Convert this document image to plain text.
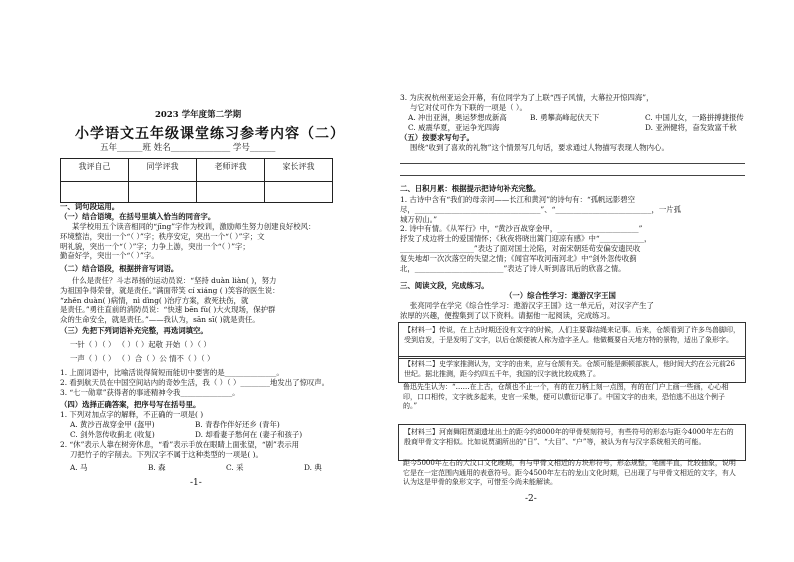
2023 学年度第二学期
小学语文五年级课堂练习参考内容（二）
五年______班 姓名______________ 学号______
我评自己	同学评我	老师评我	家长评我

一、词句段运用。
（一）结合语境，在括号里填入恰当的同音字。
某学校用五个读音相同的“jīng”字作为校训，激励师生努力创建良好校风：
环境整洁，突出一个“（ ）”字；秩序安定，突出一个“（ ）”字；文
明礼貌，突出一个“（ ）”字；力争上游，突出一个“（ ）”字；
勤奋好学，突出一个“（ ）”字。
（二）结合语段，根据拼音写词语。
什么是责任？斗志昂扬的运动员说：“坚持 duàn liàn( )，努力
为祖国争得荣誉，就是责任。”满面带笑 cí xiáng ( )笑容的医生说：
“zhěn duàn( )病情，nì dìng( )治疗方案，救死扶伤，就
是责任。”勇往直前的消防员说：“快速 bēn fù( )大火现场，保护群
众的生命安全，就是责任。”——我认为，sān sī( )就是责任。
（三）先把下列词语补充完整，再选词填空。
一针（ ）（ ） （ ）（ ）起敬 开始（ ）（ ）
一声（ ）（ ） （ ）合（ ）公 情不（ ）（ ）
1. 上面词语中，比喻活说得简短而能切中要害的是______________。
2. 看到航天员在中国空间站内的奇妙生活，我（ ）（ ）________地发出了惊叹声。
3. “七一勋章”获得者的事迹精神令我______________。
（四）选择正确答案，把序号写在括号里。
1. 下列对加点字的解释，不正确的一项是( )
A. 黄沙百战穿金甲 (盔甲)	B. 青春作伴好还乡 (青年)
C. 剑外忽传收蓟北 (收复)	D. 却看妻子愁何在 (妻子和孩子)
2. “休”表示人靠在树旁休息，“看”表示手放在眼睛上面张望，“剧”表示用
刀把竹子的字削去。下列汉字不属于这种类型的一项是( )。
A. 马	B. 森	C. 采	D. 典
-1-
3. 为庆祝杭州亚运会开幕，有位同学为了上联“西子风情，大幕拉开惊四海”，
与它对仗可作为下联的一项是（ ）。
A. 冲出亚洲，奥运梦想成新高	B. 勇攀高峰起伏天下	C. 中国儿女，一路拼搏捷报传
C. 威震华夏，亚运争光四海	D. 亚洲健将，奋发致富千秋
（五）按要求写句子。
围绕“收到了喜欢的礼物”这个情景写几句话，要求通过人物描写表现人物内心。
二、日积月累：根据提示把诗句补充完整。
1. 古诗中含有“我们的母亲河——长江和黄河”的诗句有：“孤帆远影碧空
尽，__________________________________”、“__________________________，一片孤
城万仞山。”
2. 诗中有情。《从军行》中，“黄沙百战穿金甲，______________________”
抒发了戍边将士的爱国情怀；《秋夜将晓出篱门迎凉有感》中“____________，
____________________”表达了面对国土沦陷，对南宋朝廷苟安偏安遗民收
复失地却一次次落空的失望之情；《闻官军收河南河北》中“剑外忽传收蓟
北，________________________”表达了诗人听到喜讯后的欣喜之情。
三、阅读文段，完成练习。
（一）综合性学习：遨游汉字王国
张亮同学在学完《综合性学习：遨游汉字王国》这一单元后，对汉字产生了
浓厚的兴趣，便搜集到了以下资料。请据他一起阅读，完成练习。
【材料一】传说，在上古时期还没有文字的时候，人们主要靠结绳来记事。后来，仓颉看到了许多鸟兽脚印，受到启发，于是发明了文字，以后仓颉便被人称为造字圣人。他做概要自天地方特的景物，适出了象形字。
【材料二】史学家推测认为，文字的由来，应与仓颉有关。仓颉可能是颇顿部族人，他时间大约在公元前26世纪。据北推测，距今约四五千年，我国的汉字就比较成熟了。
鲁迅先生认为：“……在上古，仓颉也不止一个，有的在刀柄上刻一点图，有的在门户上画一些画，心心相印，口口相传，文字就多起来，史官一采集，便可以敷衍记事了。中国文字的由来，恐怕逃不出这个例子的。”
【材料三】河南舞阳贾湖遗址出土的距今约8000年的甲骨契刻符号，有些符号的形态与距今4000年左右的殷商甲骨文字相似。比如说贾湖所出的“日”、“大目”、“户”等，被认为有与汉字系统相关的可能。
距今5000年左右的大汶口文化晚期，有与甲骨文相近的方块形符号，形态规整，笔画平直，比较抽象，说明它是在一定范围内通用的表意符号。距今4500年左右的龙山文化时期，已出现了与甲骨文相近的文字，有人认为这是甲骨的象形文字，可惜至今尚未能解读。
-2-
